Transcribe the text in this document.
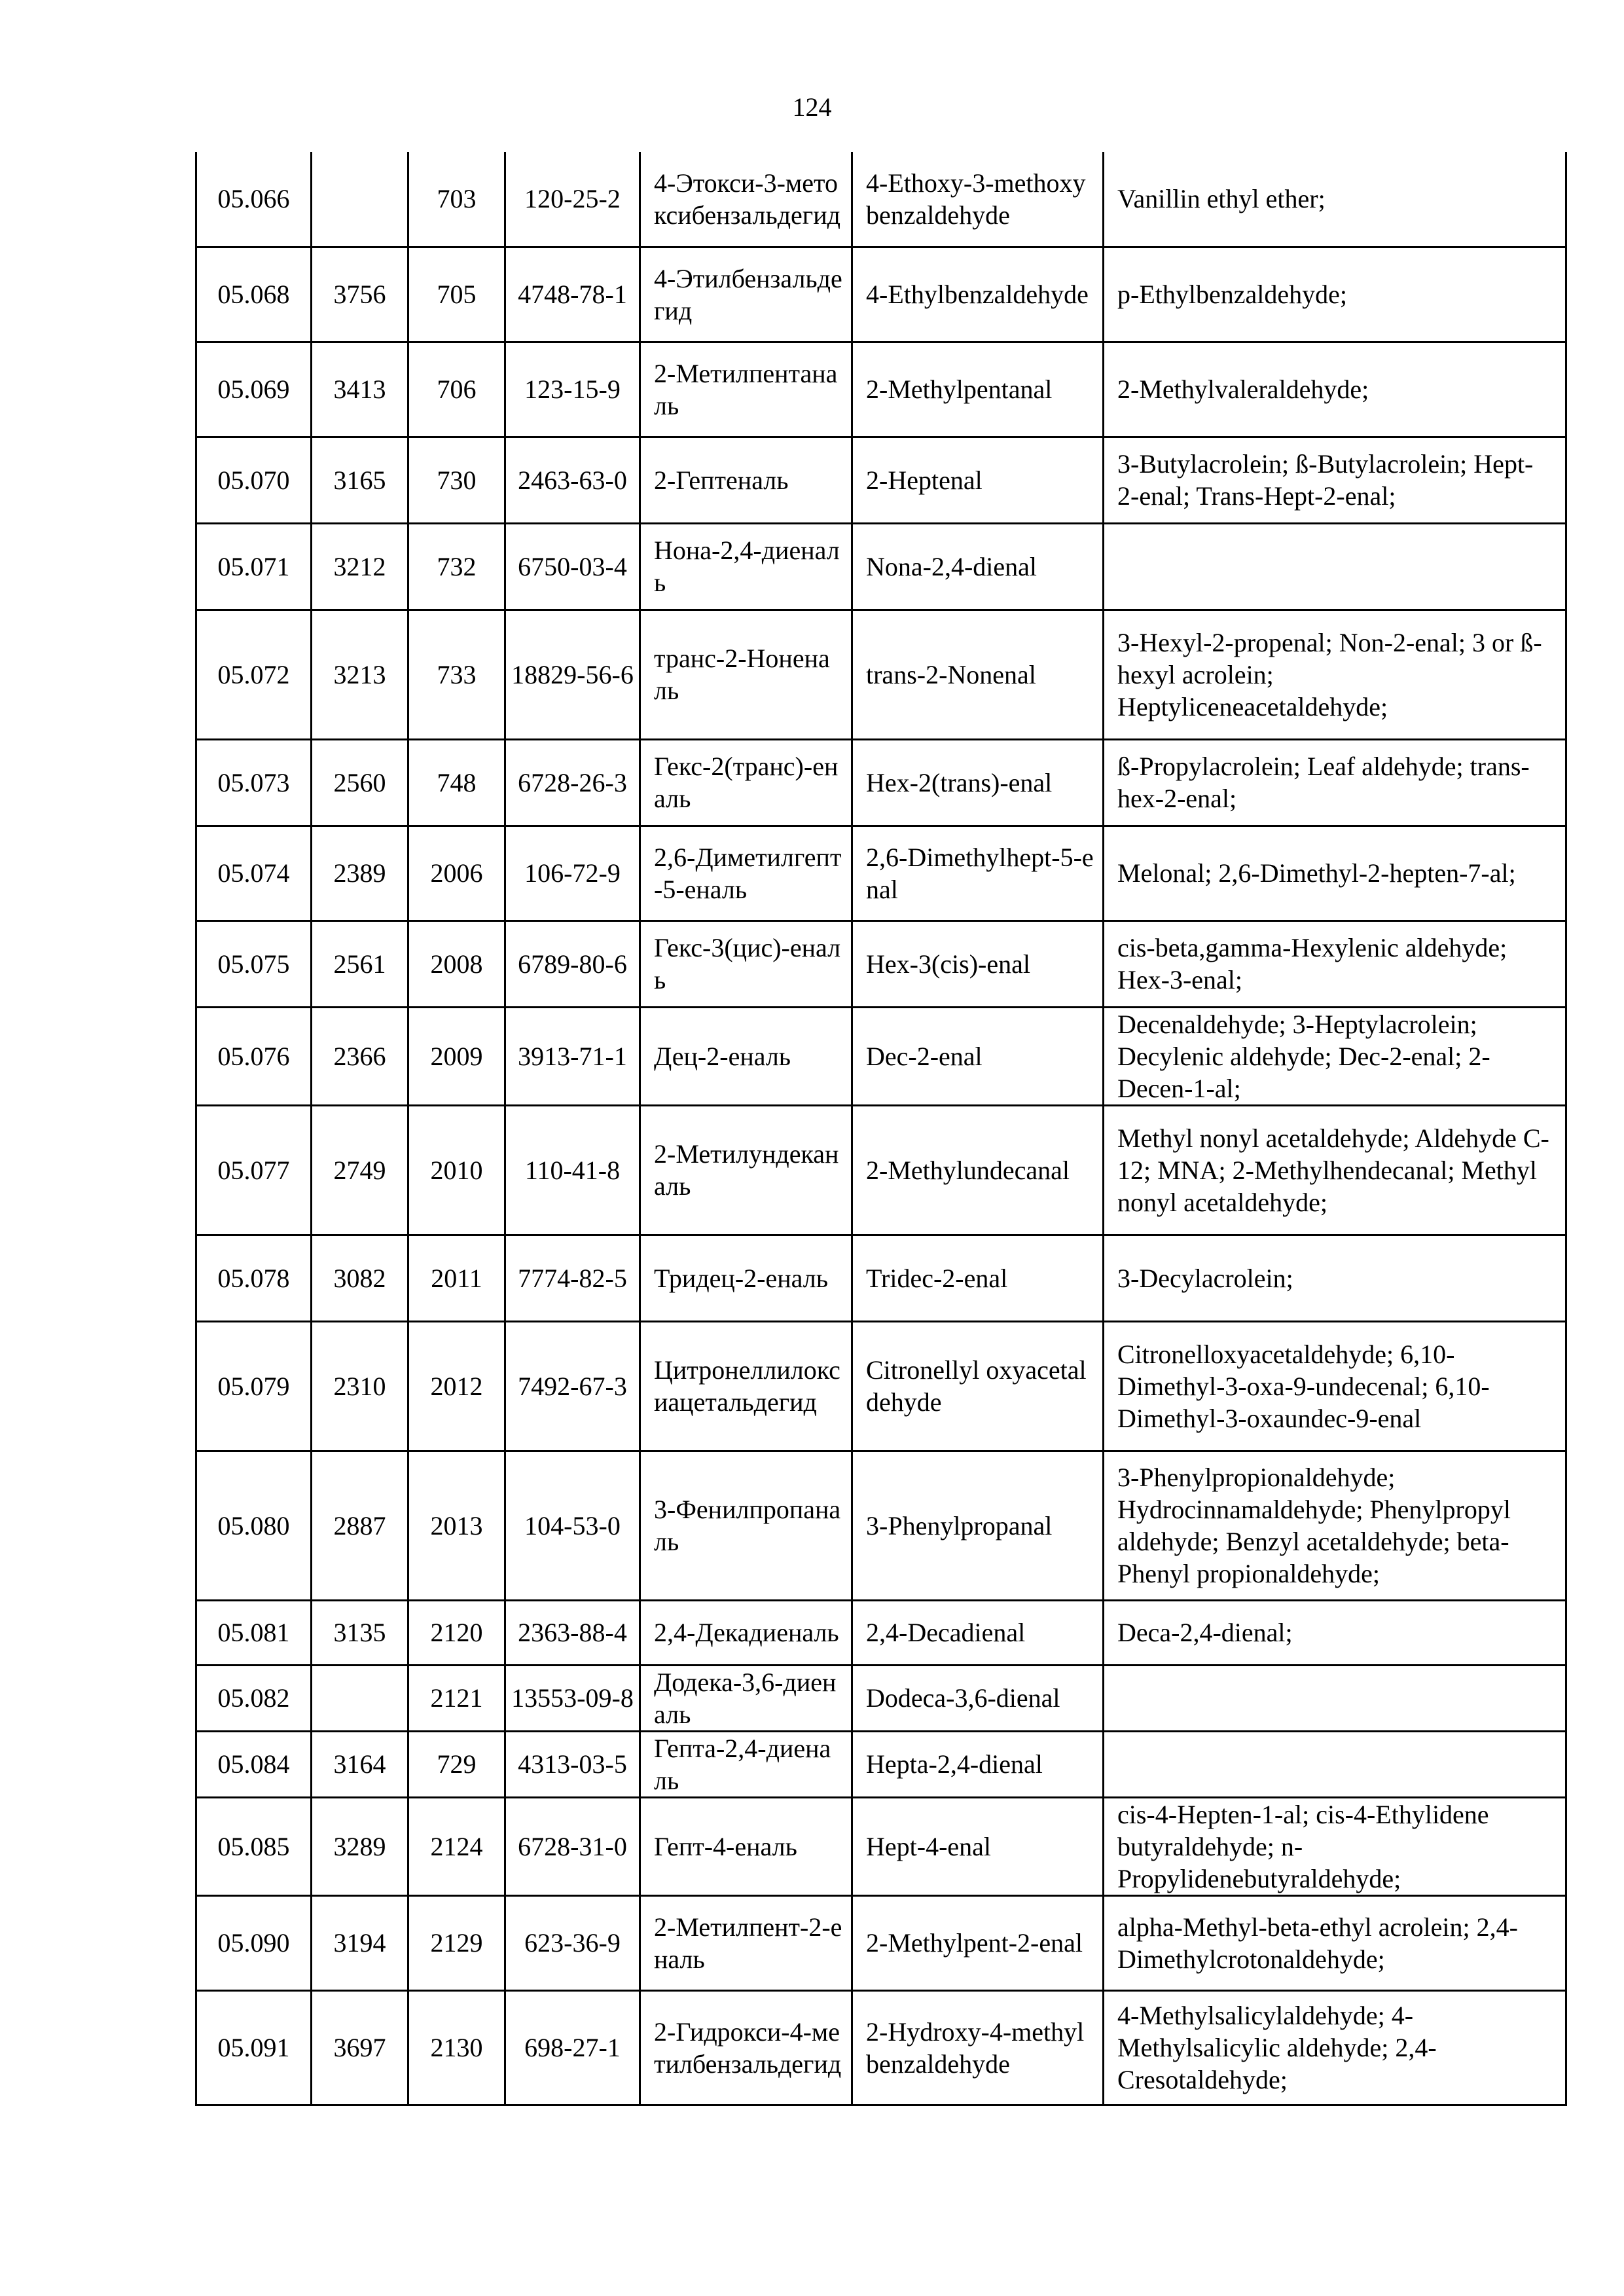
124
05.066		703	120-25-2	4-Этокси-3-метоксибензальдегид	4-Ethoxy-3-methoxybenzaldehyde	Vanillin ethyl ether;
05.068	3756	705	4748-78-1	4-Этилбензальдегид	4-Ethylbenzaldehyde	p-Ethylbenzaldehyde;
05.069	3413	706	123-15-9	2-Метилпентаналь	2-Methylpentanal	2-Methylvaleraldehyde;
05.070	3165	730	2463-63-0	2-Гептеналь	2-Heptenal	3-Butylacrolein; ß-Butylacrolein; Hept-2-enal; Trans-Hept-2-enal;
05.071	3212	732	6750-03-4	Нона-2,4-диеналь	Nona-2,4-dienal	
05.072	3213	733	18829-56-6	транс-2-Ноненаль	trans-2-Nonenal	3-Hexyl-2-propenal; Non-2-enal; 3 or ß-hexyl acrolein; Heptyliceneacetaldehyde;
05.073	2560	748	6728-26-3	Гекс-2(транс)-еналь	Hex-2(trans)-enal	ß-Propylacrolein; Leaf aldehyde; trans-hex-2-enal;
05.074	2389	2006	106-72-9	2,6-Диметилгепт-5-еналь	2,6-Dimethylhept-5-enal	Melonal; 2,6-Dimethyl-2-hepten-7-al;
05.075	2561	2008	6789-80-6	Гекс-3(цис)-еналь	Hex-3(cis)-enal	cis-beta,gamma-Hexylenic aldehyde; Hex-3-enal;
05.076	2366	2009	3913-71-1	Дец-2-еналь	Dec-2-enal	Decenaldehyde; 3-Heptylacrolein; Decylenic aldehyde; Dec-2-enal; 2-Decen-1-al;
05.077	2749	2010	110-41-8	2-Метилундеканаль	2-Methylundecanal	Methyl nonyl acetaldehyde; Aldehyde C-12; MNA; 2-Methylhendecanal; Methyl nonyl acetaldehyde;
05.078	3082	2011	7774-82-5	Тридец-2-еналь	Tridec-2-enal	3-Decylacrolein;
05.079	2310	2012	7492-67-3	Цитронеллилоксиацетальдегид	Citronellyl oxyacetaldehyde	Citronelloxyacetaldehyde; 6,10-Dimethyl-3-oxa-9-undecenal; 6,10-Dimethyl-3-oxaundec-9-enal
05.080	2887	2013	104-53-0	3-Фенилпропаналь	3-Phenylpropanal	3-Phenylpropionaldehyde; Hydrocinnamaldehyde; Phenylpropyl aldehyde; Benzyl acetaldehyde; beta-Phenyl propionaldehyde;
05.081	3135	2120	2363-88-4	2,4-Декадиеналь	2,4-Decadienal	Deca-2,4-dienal;
05.082		2121	13553-09-8	Додека-3,6-диеналь	Dodeca-3,6-dienal	
05.084	3164	729	4313-03-5	Гепта-2,4-диеналь	Hepta-2,4-dienal	
05.085	3289	2124	6728-31-0	Гепт-4-еналь	Hept-4-enal	cis-4-Hepten-1-al; cis-4-Ethylidene butyraldehyde; n-Propylidenebutyraldehyde;
05.090	3194	2129	623-36-9	2-Метилпент-2-еналь	2-Methylpent-2-enal	alpha-Methyl-beta-ethyl acrolein; 2,4-Dimethylcrotonaldehyde;
05.091	3697	2130	698-27-1	2-Гидрокси-4-метилбензальдегид	2-Hydroxy-4-methylbenzaldehyde	4-Methylsalicylaldehyde; 4-Methylsalicylic aldehyde; 2,4-Cresotaldehyde;
